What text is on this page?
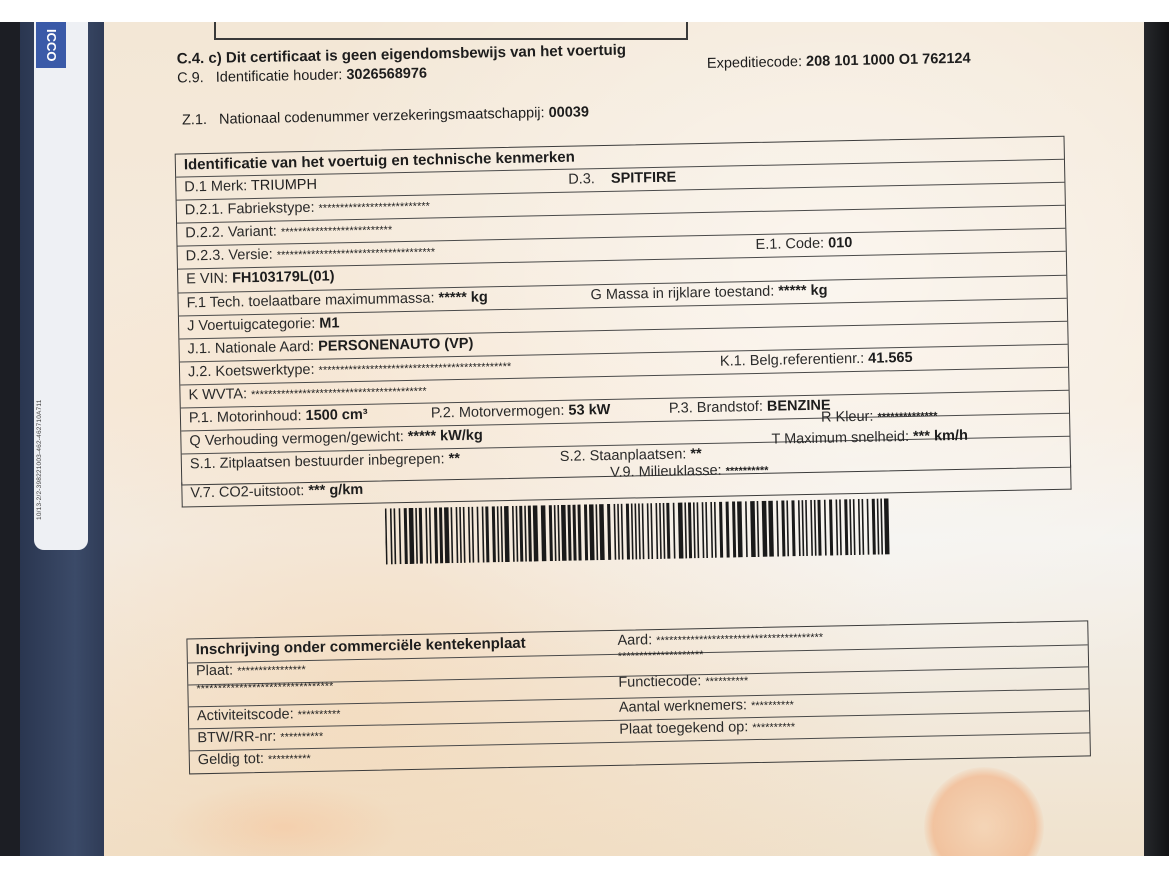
ICCO
10/13-2/2-398221003-462-462710A711
C.4. c) Dit certificaat is geen eigendomsbewijs van het voertuig
C.9. Identificatie houder: 3026568976
Expeditiecode: 208 101 1000 O1 762124
Z.1. Nationaal codenummer verzekeringsmaatschappij: 00039
Identificatie van het voertuig en technische kenmerken
D.1 Merk: TRIUMPH	D.3. SPITFIRE
D.2.1. Fabriekstype: **************************
D.2.2. Variant: **************************
D.2.3. Versie: *************************************
E.1. Code: 010
E VIN: FH103179L(01)
F.1 Tech. toelaatbare maximummassa: ***** kg	G Massa in rijklare toestand: ***** kg
J Voertuigcategorie: M1
J.1. Nationale Aard: PERSONENAUTO (VP)
J.2. Koetswerktype: *********************************************	K.1. Belg.referentienr.: 41.565
K WVTA: *****************************************
P.1. Motorinhoud: 1500 cm³	P.2. Motorvermogen: 53 kW	P.3. Brandstof: BENZINE
R Kleur: **************
Q Verhouding vermogen/gewicht: ***** kW/kg	T Maximum snelheid: *** km/h
S.1. Zitplaatsen bestuurder inbegrepen: **	S.2. Staanplaatsen: **
V.7. CO2-uitstoot: *** g/km
V.9. Milieuklasse: **********
Inschrijving onder commerciële kentekenplaat	Aard: ***************************************
Plaat: ****************
********************
********************************	Functiecode: **********
Activiteitscode: **********	Aantal werknemers: **********
BTW/RR-nr: **********	Plaat toegekend op: **********
Geldig tot: **********
